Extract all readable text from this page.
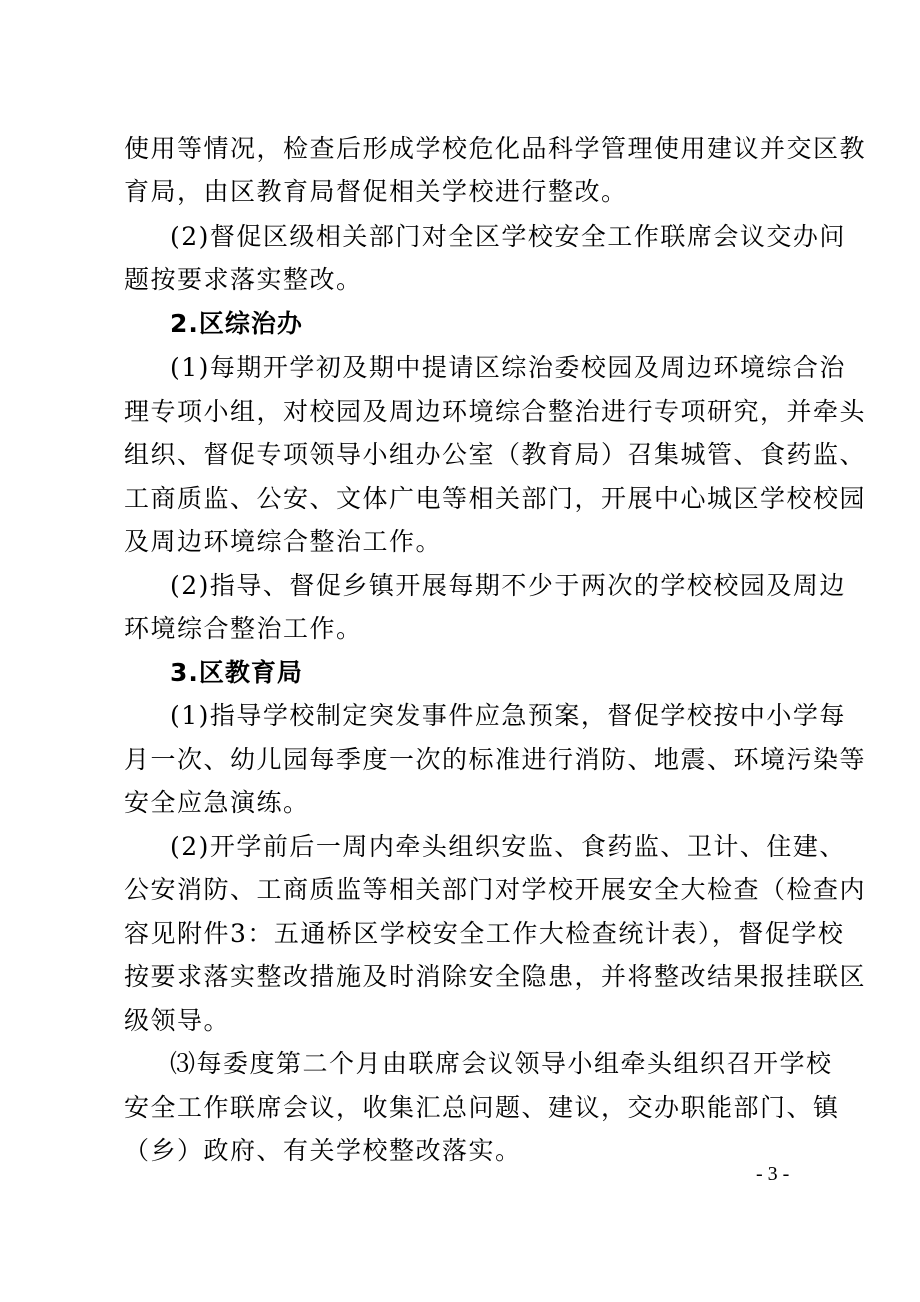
使用等情况，检查后形成学校危化品科学管理使用建议并交区教
育局，由区教育局督促相关学校进行整改。
(2)督促区级相关部门对全区学校安全工作联席会议交办问
题按要求落实整改。
2.区综治办
(1)每期开学初及期中提请区综治委校园及周边环境综合治
理专项小组，对校园及周边环境综合整治进行专项研究，并牵头
组织、督促专项领导小组办公室（教育局）召集城管、食药监、
工商质监、公安、文体广电等相关部门，开展中心城区学校校园
及周边环境综合整治工作。
(2)指导、督促乡镇开展每期不少于两次的学校校园及周边
环境综合整治工作。
3.区教育局
(1)指导学校制定突发事件应急预案，督促学校按中小学每
月一次、幼儿园每季度一次的标准进行消防、地震、环境污染等
安全应急演练。
(2)开学前后一周内牵头组织安监、食药监、卫计、住建、
公安消防、工商质监等相关部门对学校开展安全大检查（检查内
容见附件3：五通桥区学校安全工作大检查统计表），督促学校
按要求落实整改措施及时消除安全隐患，并将整改结果报挂联区
级领导。
⑶每委度第二个月由联席会议领导小组牵头组织召开学校
安全工作联席会议，收集汇总问题、建议，交办职能部门、镇
（乡）政府、有关学校整改落实。
- 3 -
